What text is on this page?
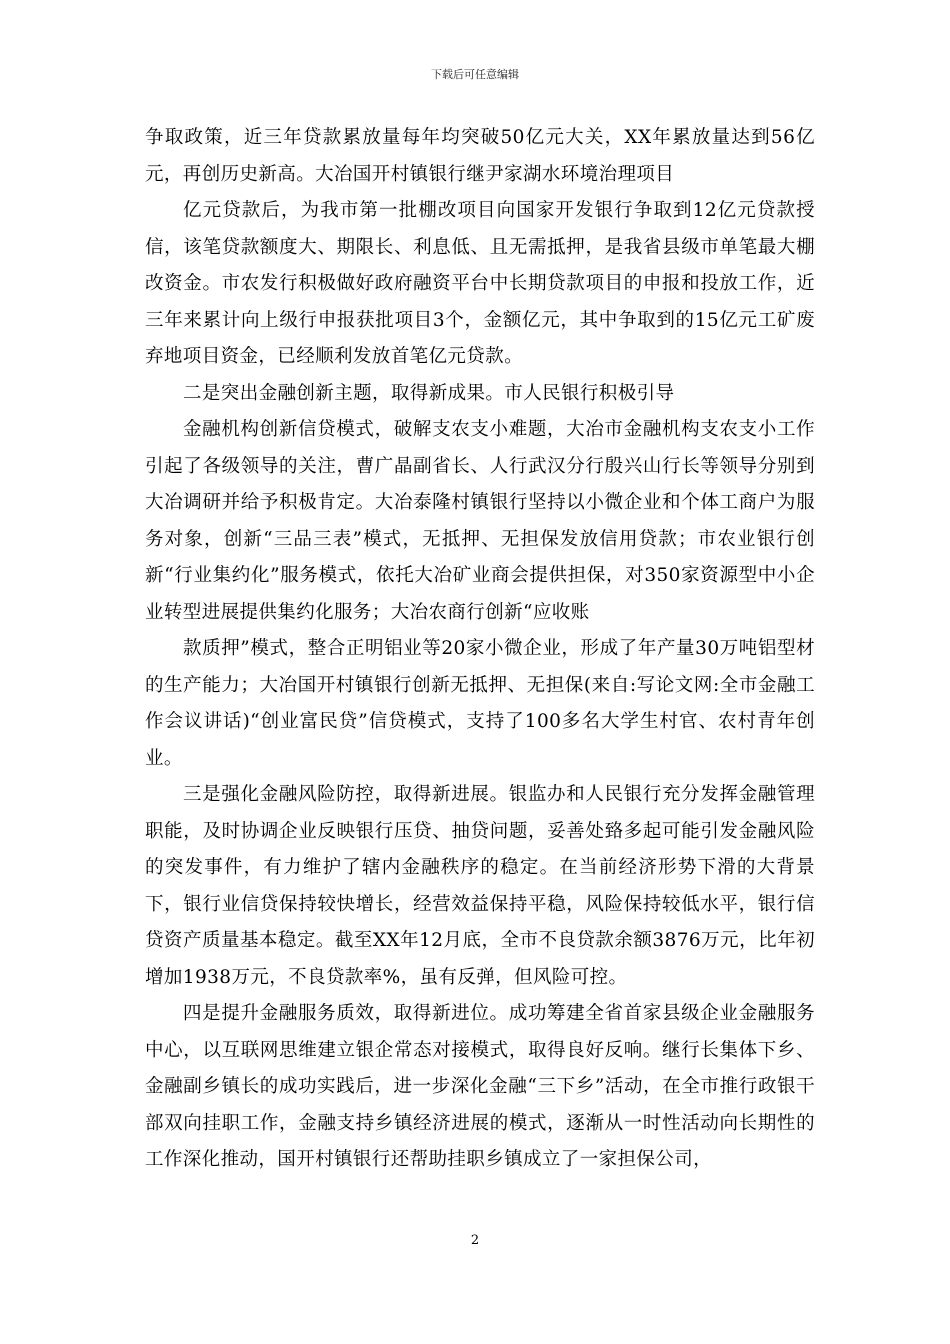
下载后可任意编辑

争取政策，近三年贷款累放量每年均突破50亿元大关，XX年累放量达到56亿元，再创历史新高。大冶国开村镇银行继尹家湖水环境治理项目

亿元贷款后，为我市第一批棚改项目向国家开发银行争取到12亿元贷款授信，该笔贷款额度大、期限长、利息低、且无需抵押，是我省县级市单笔最大棚改资金。市农发行积极做好政府融资平台中长期贷款项目的申报和投放工作，近三年来累计向上级行申报获批项目3个，金额亿元，其中争取到的15亿元工矿废弃地项目资金，已经顺利发放首笔亿元贷款。

二是突出金融创新主题，取得新成果。市人民银行积极引导

金融机构创新信贷模式，破解支农支小难题，大冶市金融机构支农支小工作引起了各级领导的关注，曹广晶副省长、人行武汉分行殷兴山行长等领导分别到大冶调研并给予积极肯定。大冶泰隆村镇银行坚持以小微企业和个体工商户为服务对象，创新“三品三表”模式，无抵押、无担保发放信用贷款；市农业银行创新“行业集约化”服务模式，依托大冶矿业商会提供担保，对350家资源型中小企业转型进展提供集约化服务；大冶农商行创新“应收账

款质押”模式，整合正明铝业等20家小微企业，形成了年产量30万吨铝型材的生产能力；大冶国开村镇银行创新无抵押、无担保(来自:写论文网:全市金融工作会议讲话)“创业富民贷”信贷模式，支持了100多名大学生村官、农村青年创业。

三是强化金融风险防控，取得新进展。银监办和人民银行充分发挥金融管理职能，及时协调企业反映银行压贷、抽贷问题，妥善处臵多起可能引发金融风险的突发事件，有力维护了辖内金融秩序的稳定。在当前经济形势下滑的大背景下，银行业信贷保持较快增长，经营效益保持平稳，风险保持较低水平，银行信贷资产质量基本稳定。截至XX年12月底，全市不良贷款余额3876万元，比年初增加1938万元，不良贷款率%，虽有反弹，但风险可控。

四是提升金融服务质效，取得新进位。成功筹建全省首家县级企业金融服务中心，以互联网思维建立银企常态对接模式，取得良好反响。继行长集体下乡、金融副乡镇长的成功实践后，进一步深化金融“三下乡”活动，在全市推行政银干部双向挂职工作，金融支持乡镇经济进展的模式，逐渐从一时性活动向长期性的工作深化推动，国开村镇银行还帮助挂职乡镇成立了一家担保公司，

2
